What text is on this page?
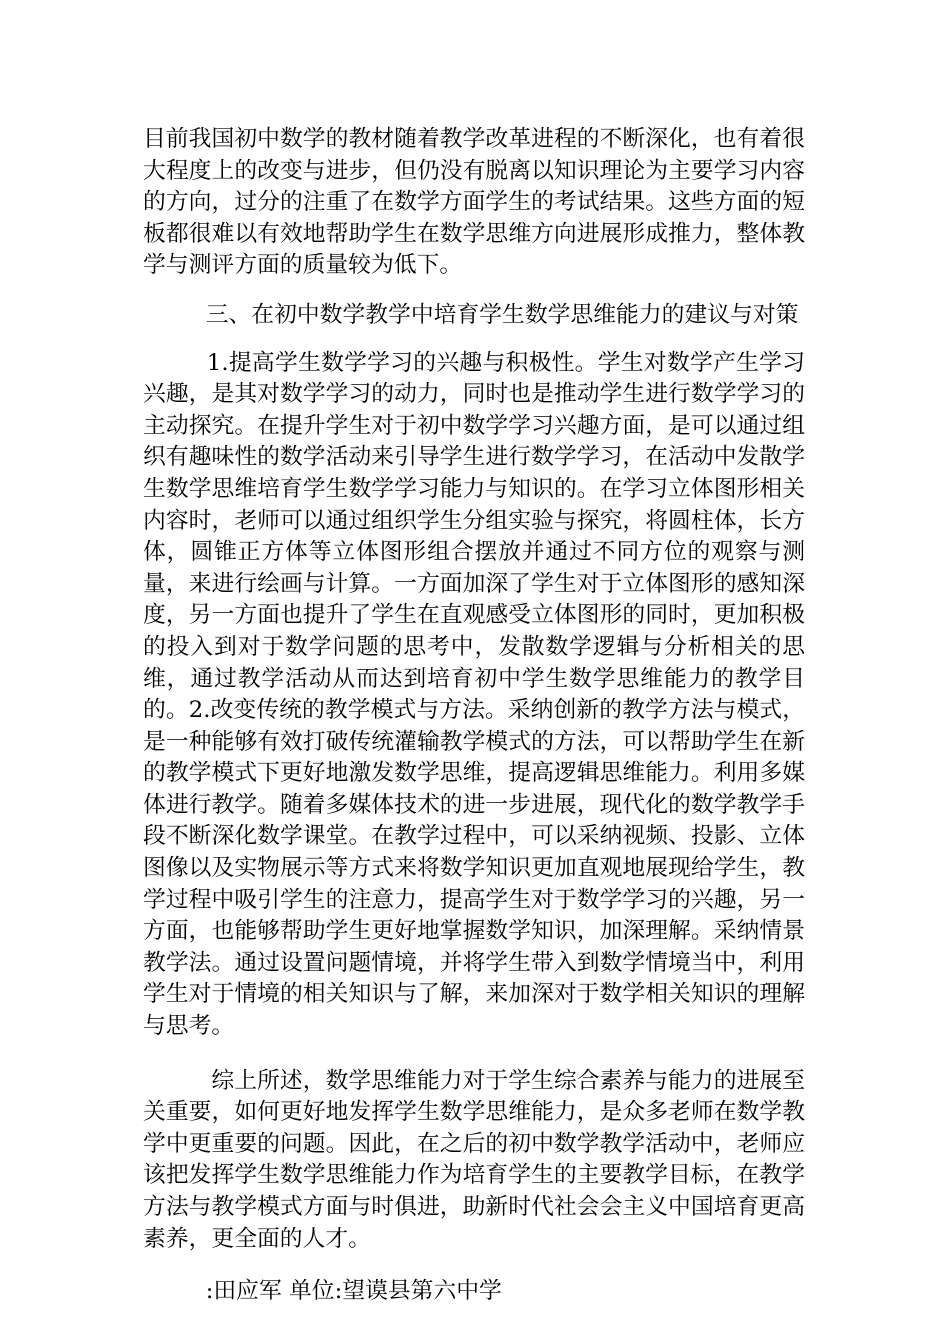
目前我国初中数学的教材随着教学改革进程的不断深化，也有着很大程度上的改变与进步，但仍没有脱离以知识理论为主要学习内容的方向，过分的注重了在数学方面学生的考试结果。这些方面的短板都很难以有效地帮助学生在数学思维方向进展形成推力，整体教学与测评方面的质量较为低下。

三、在初中数学教学中培育学生数学思维能力的建议与对策

1.提高学生数学学习的兴趣与积极性。学生对数学产生学习兴趣，是其对数学学习的动力，同时也是推动学生进行数学学习的主动探究。在提升学生对于初中数学学习兴趣方面，是可以通过组织有趣味性的数学活动来引导学生进行数学学习，在活动中发散学生数学思维培育学生数学学习能力与知识的。在学习立体图形相关内容时，老师可以通过组织学生分组实验与探究，将圆柱体，长方体，圆锥正方体等立体图形组合摆放并通过不同方位的观察与测量，来进行绘画与计算。一方面加深了学生对于立体图形的感知深度，另一方面也提升了学生在直观感受立体图形的同时，更加积极的投入到对于数学问题的思考中，发散数学逻辑与分析相关的思维，通过教学活动从而达到培育初中学生数学思维能力的教学目的。2.改变传统的教学模式与方法。采纳创新的教学方法与模式，是一种能够有效打破传统灌输教学模式的方法，可以帮助学生在新的教学模式下更好地激发数学思维，提高逻辑思维能力。利用多媒体进行教学。随着多媒体技术的进一步进展，现代化的数学教学手段不断深化数学课堂。在教学过程中，可以采纳视频、投影、立体图像以及实物展示等方式来将数学知识更加直观地展现给学生，教学过程中吸引学生的注意力，提高学生对于数学学习的兴趣，另一方面，也能够帮助学生更好地掌握数学知识，加深理解。采纳情景教学法。通过设置问题情境，并将学生带入到数学情境当中，利用学生对于情境的相关知识与了解，来加深对于数学相关知识的理解与思考。

综上所述，数学思维能力对于学生综合素养与能力的进展至关重要，如何更好地发挥学生数学思维能力，是众多老师在数学教学中更重要的问题。因此，在之后的初中数学教学活动中，老师应该把发挥学生数学思维能力作为培育学生的主要教学目标，在教学方法与教学模式方面与时俱进，助新时代社会会主义中国培育更高素养，更全面的人才。

:田应军 单位:望谟县第六中学
